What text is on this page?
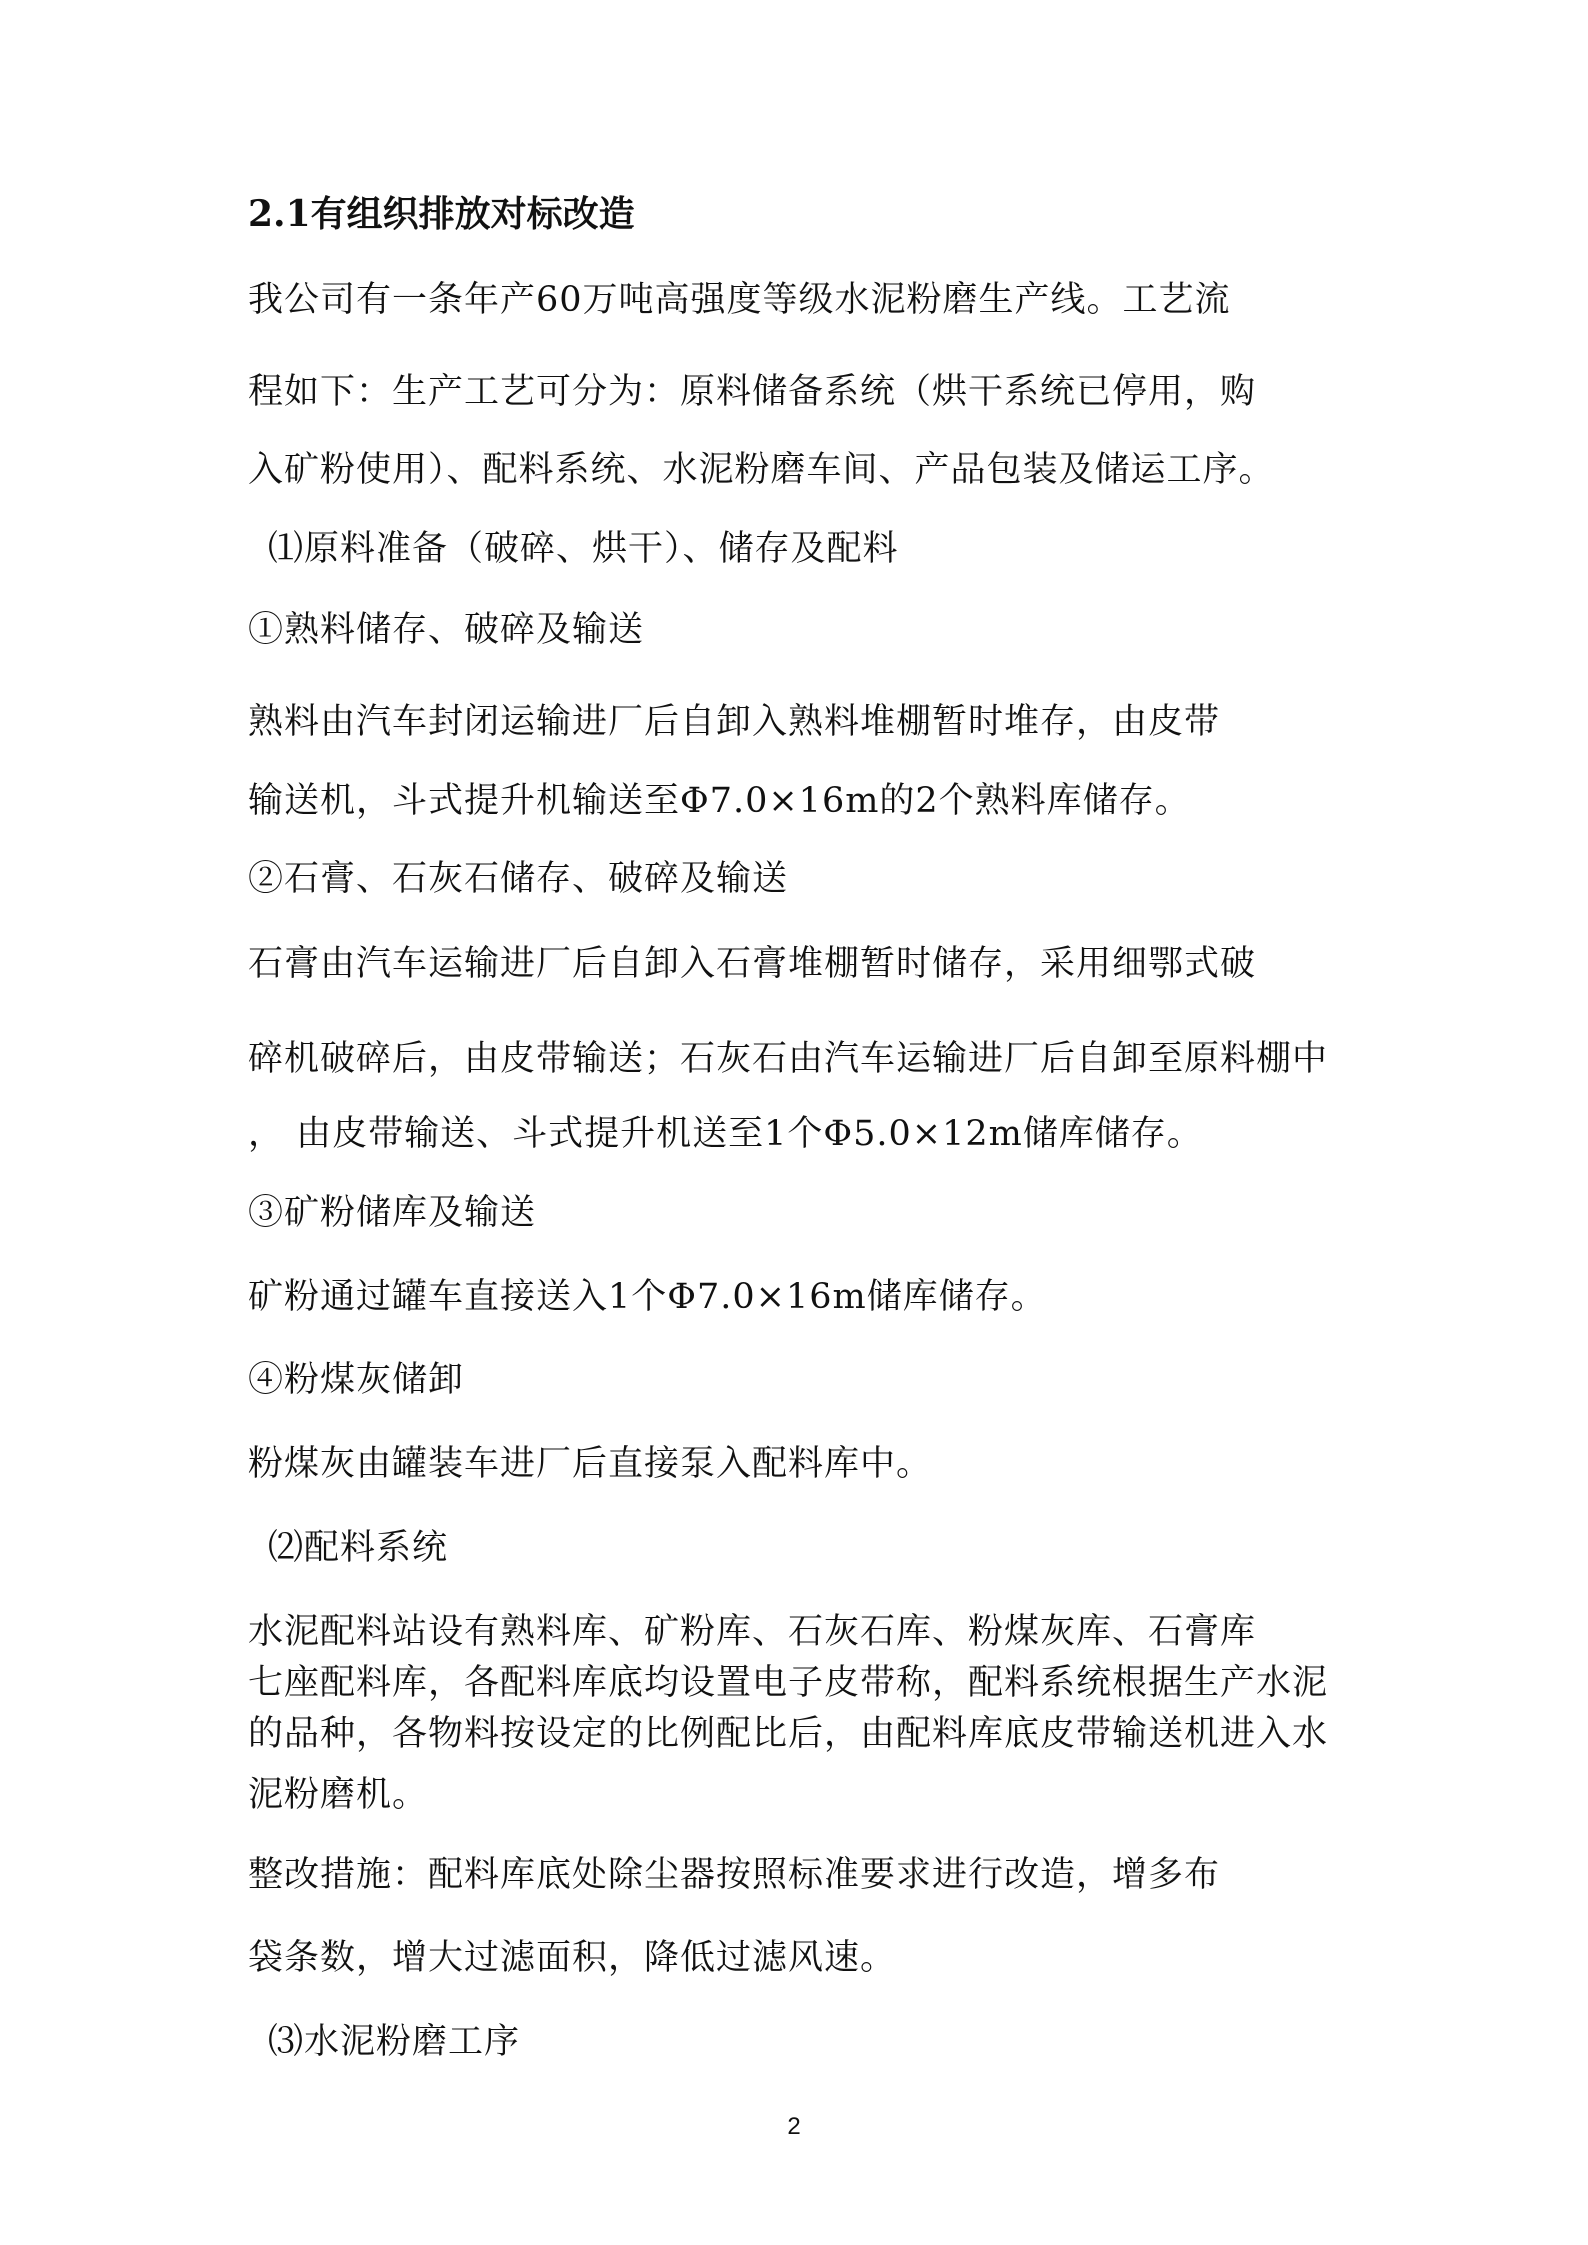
2.1有组织排放对标改造
我公司有一条年产60万吨高强度等级水泥粉磨生产线。工艺流
程如下：生产工艺可分为：原料储备系统（烘干系统已停用，购
入矿粉使用）、配料系统、水泥粉磨车间、产品包装及储运工序。
⑴原料准备（破碎、烘干）、储存及配料
①熟料储存、破碎及输送
熟料由汽车封闭运输进厂后自卸入熟料堆棚暂时堆存，由皮带
输送机，斗式提升机输送至Φ7.0×16m的2个熟料库储存。
②石膏、石灰石储存、破碎及输送
石膏由汽车运输进厂后自卸入石膏堆棚暂时储存，采用细鄂式破
碎机破碎后，由皮带输送；石灰石由汽车运输进厂后自卸至原料棚中
， 由皮带输送、斗式提升机送至1个Φ5.0×12m储库储存。
③矿粉储库及输送
矿粉通过罐车直接送入1个Φ7.0×16m储库储存。
④粉煤灰储卸
粉煤灰由罐装车进厂后直接泵入配料库中。
⑵配料系统
水泥配料站设有熟料库、矿粉库、石灰石库、粉煤灰库、石膏库
七座配料库，各配料库底均设置电子皮带称，配料系统根据生产水泥
的品种，各物料按设定的比例配比后，由配料库底皮带输送机进入水
泥粉磨机。
整改措施：配料库底处除尘器按照标准要求进行改造，增多布
袋条数，增大过滤面积，降低过滤风速。
⑶水泥粉磨工序
2
